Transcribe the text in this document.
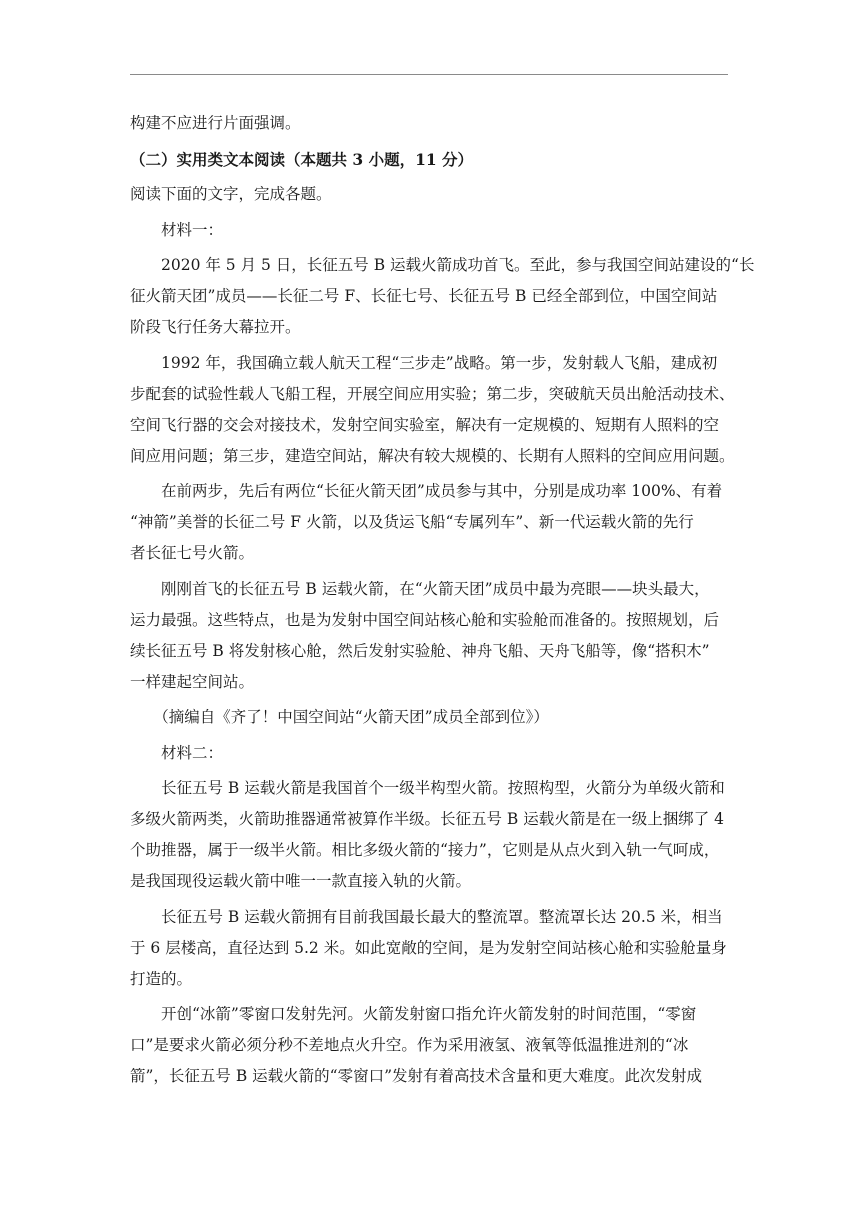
构建不应进行片面强调。
（二）实用类文本阅读（本题共 3 小题，11 分）
阅读下面的文字，完成各题。
　　材料一：
　　2020 年 5 月 5 日，长征五号 B 运载火箭成功首飞。至此，参与我国空间站建设的“长
征火箭天团”成员——长征二号 F、长征七号、长征五号 B 已经全部到位，中国空间站
阶段飞行任务大幕拉开。
　　1992 年，我国确立载人航天工程“三步走”战略。第一步，发射载人飞船，建成初
步配套的试验性载人飞船工程，开展空间应用实验；第二步，突破航天员出舱活动技术、
空间飞行器的交会对接技术，发射空间实验室，解决有一定规模的、短期有人照料的空
间应用问题；第三步，建造空间站，解决有较大规模的、长期有人照料的空间应用问题。
　　在前两步，先后有两位“长征火箭天团”成员参与其中，分别是成功率 100%、有着
“神箭”美誉的长征二号 F 火箭，以及货运飞船“专属列车”、新一代运载火箭的先行
者长征七号火箭。
　　刚刚首飞的长征五号 B 运载火箭，在“火箭天团”成员中最为亮眼——块头最大，
运力最强。这些特点，也是为发射中国空间站核心舱和实验舱而准备的。按照规划，后
续长征五号 B 将发射核心舱，然后发射实验舱、神舟飞船、天舟飞船等，像“搭积木”
一样建起空间站。
　　（摘编自《齐了！中国空间站“火箭天团”成员全部到位》）
　　材料二：
　　长征五号 B 运载火箭是我国首个一级半构型火箭。按照构型，火箭分为单级火箭和
多级火箭两类，火箭助推器通常被算作半级。长征五号 B 运载火箭是在一级上捆绑了 4
个助推器，属于一级半火箭。相比多级火箭的“接力”，它则是从点火到入轨一气呵成，
是我国现役运载火箭中唯一一款直接入轨的火箭。
　　长征五号 B 运载火箭拥有目前我国最长最大的整流罩。整流罩长达 20.5 米，相当
于 6 层楼高，直径达到 5.2 米。如此宽敞的空间，是为发射空间站核心舱和实验舱量身
打造的。
　　开创“冰箭”零窗口发射先河。火箭发射窗口指允许火箭发射的时间范围，“零窗
口”是要求火箭必须分秒不差地点火升空。作为采用液氢、液氧等低温推进剂的“冰
箭”，长征五号 B 运载火箭的“零窗口”发射有着高技术含量和更大难度。此次发射成
